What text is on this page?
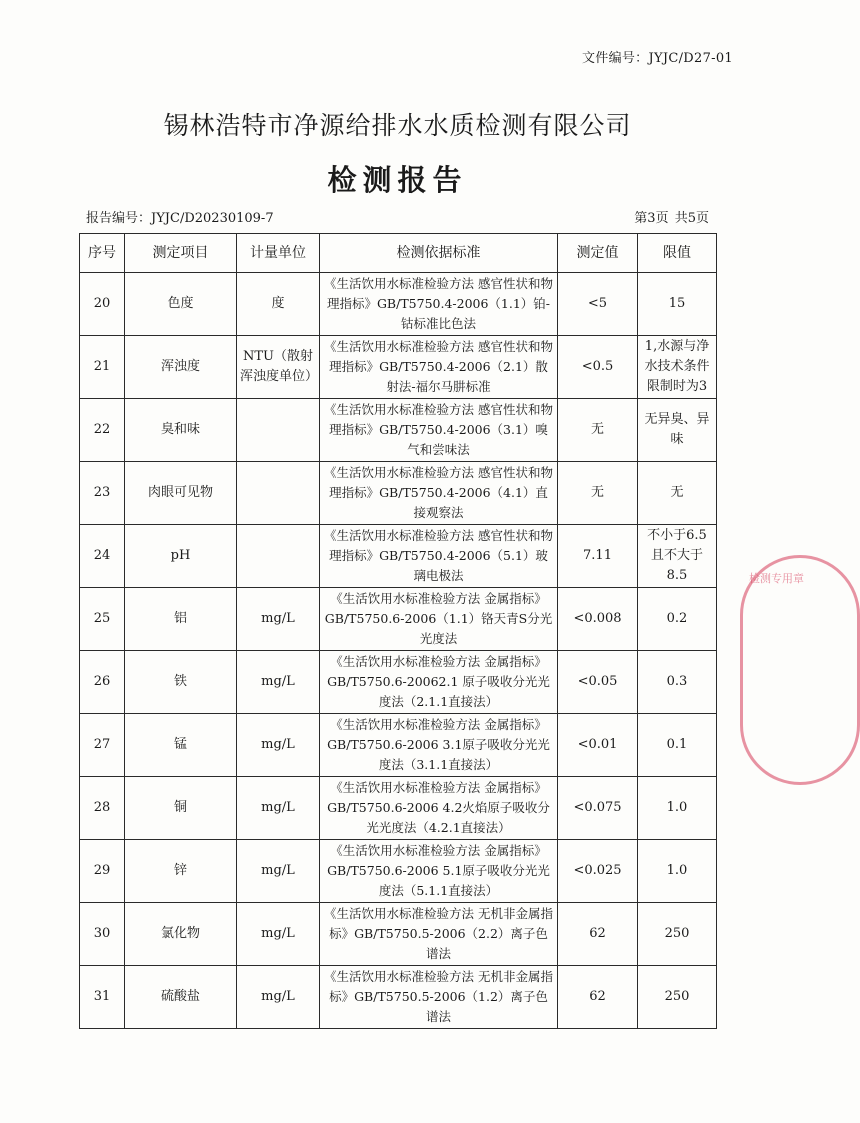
文件编号：JYJC/D27-01
锡林浩特市净源给排水水质检测有限公司
检测报告
报告编号：JYJC/D20230109-7	第3页 共5页
序号	测定项目	计量单位	检测依据标准	测定值	限值
20	色度	度	《生活饮用水标准检验方法 感官性状和物理指标》GB/T5750.4-2006（1.1）铂-钴标准比色法	<5	15
21	浑浊度	NTU（散射浑浊度单位）	《生活饮用水标准检验方法 感官性状和物理指标》GB/T5750.4-2006（2.1）散射法-福尔马肼标准	<0.5	1,水源与净水技术条件限制时为3
22	臭和味		《生活饮用水标准检验方法 感官性状和物理指标》GB/T5750.4-2006（3.1）嗅气和尝味法	无	无异臭、异味
23	肉眼可见物		《生活饮用水标准检验方法 感官性状和物理指标》GB/T5750.4-2006（4.1）直接观察法	无	无
24	pH		《生活饮用水标准检验方法 感官性状和物理指标》GB/T5750.4-2006（5.1）玻璃电极法	7.11	不小于6.5且不大于8.5
25	铝	mg/L	《生活饮用水标准检验方法 金属指标》GB/T5750.6-2006（1.1）铬天青S分光光度法	<0.008	0.2
26	铁	mg/L	《生活饮用水标准检验方法 金属指标》GB/T5750.6-20062.1 原子吸收分光光度法（2.1.1直接法）	<0.05	0.3
27	锰	mg/L	《生活饮用水标准检验方法 金属指标》GB/T5750.6-2006 3.1原子吸收分光光度法（3.1.1直接法）	<0.01	0.1
28	铜	mg/L	《生活饮用水标准检验方法 金属指标》GB/T5750.6-2006 4.2火焰原子吸收分光光度法（4.2.1直接法）	<0.075	1.0
29	锌	mg/L	《生活饮用水标准检验方法 金属指标》GB/T5750.6-2006 5.1原子吸收分光光度法（5.1.1直接法）	<0.025	1.0
30	氯化物	mg/L	《生活饮用水标准检验方法 无机非金属指标》GB/T5750.5-2006（2.2）离子色谱法	62	250
31	硫酸盐	mg/L	《生活饮用水标准检验方法 无机非金属指标》GB/T5750.5-2006（1.2）离子色谱法	62	250
检测专用章
